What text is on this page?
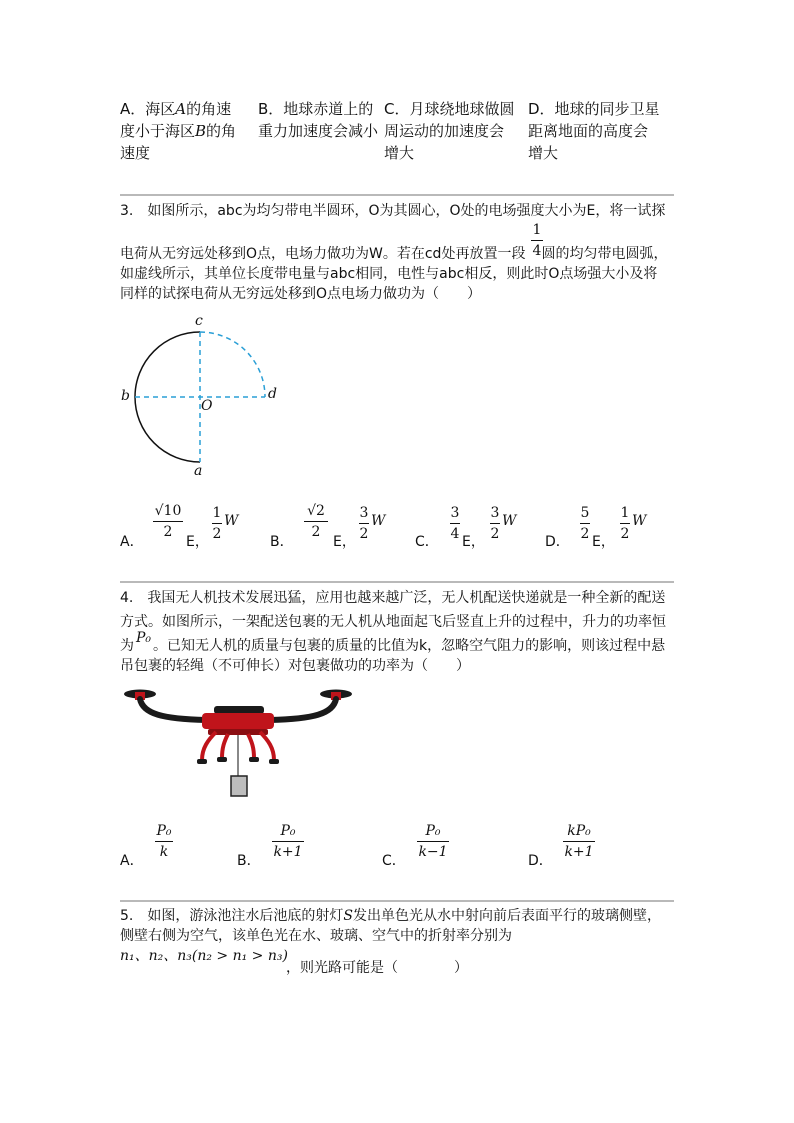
A．海区A的角速度小于海区B的角速度
B．地球赤道上的重力加速度会减小
C．月球绕地球做圆周运动的加速度会增大
D．地球的同步卫星距离地面的高度会增大
3.　如图所示，abc为均匀带电半圆环，O为其圆心，O处的电场强度大小为E，将一试探
电荷从无穷远处移到O点，电场力做功为W。若在cd处再放置一段 圆的均匀带电圆弧，
1
4
如虚线所示，其单位长度带电量与abc相同，电性与abc相反，则此时O点场强大小及将
同样的试探电荷从无穷远处移到O点电场力做功为（　　）
c
b
O
d
a
A．
√10
2
E，
1
2
W
B．
√2
2
E，
3
2
W
C．
3
4 E，
3
2
W
D．
5
2 E，
1
2
W
4.　我国无人机技术发展迅猛，应用也越来越广泛，无人机配送快递就是一种全新的配送
方式。如图所示，一架配送包裹的无人机从地面起飞后竖直上升的过程中，升力的功率恒
为 P₀ 。已知无人机的质量与包裹的质量的比值为k，忽略空气阻力的影响，则该过程中悬
吊包裹的轻绳（不可伸长）对包裹做功的功率为（　　）
A．
P₀
k
B．
P₀
k+1
C．
P₀
k−1
D．
kP₀
k+1
5.　如图，游泳池注水后池底的射灯S发出单色光从水中射向前后表面平行的玻璃侧壁，
侧壁右侧为空气，该单色光在水、玻璃、空气中的折射率分别为
n₁、n₂、n₃(n₂ > n₁ > n₃)
，则光路可能是（　　　　）
